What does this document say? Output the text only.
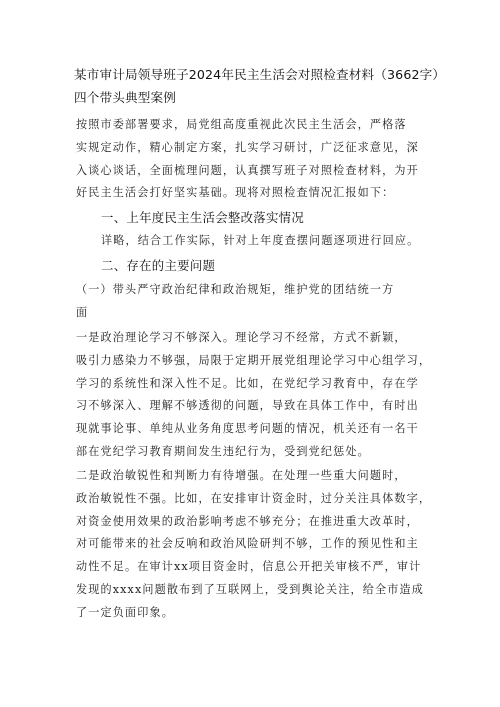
某市审计局领导班子2024年民主生活会对照检查材料（3662字）
四个带头典型案例
按照市委部署要求，局党组高度重视此次民主生活会，严格落
实规定动作，精心制定方案，扎实学习研讨，广泛征求意见，深
入谈心谈话，全面梳理问题，认真撰写班子对照检查材料，为开
好民主生活会打好坚实基础。现将对照检查情况汇报如下：
一、上年度民主生活会整改落实情况
详略，结合工作实际，针对上年度查摆问题逐项进行回应。
二、存在的主要问题
（一）带头严守政治纪律和政治规矩，维护党的团结统一方
面
一是政治理论学习不够深入。理论学习不经常，方式不新颖，
吸引力感染力不够强，局限于定期开展党组理论学习中心组学习，
学习的系统性和深入性不足。比如，在党纪学习教育中，存在学
习不够深入、理解不够透彻的问题，导致在具体工作中，有时出
现就事论事、单纯从业务角度思考问题的情况，机关还有一名干
部在党纪学习教育期间发生违纪行为，受到党纪惩处。
二是政治敏锐性和判断力有待增强。在处理一些重大问题时，
政治敏锐性不强。比如，在安排审计资金时，过分关注具体数字，
对资金使用效果的政治影响考虑不够充分；在推进重大改革时，
对可能带来的社会反响和政治风险研判不够，工作的预见性和主
动性不足。在审计xx项目资金时，信息公开把关审核不严，审计
发现的xxxx问题散布到了互联网上，受到舆论关注，给全市造成
了一定负面印象。
